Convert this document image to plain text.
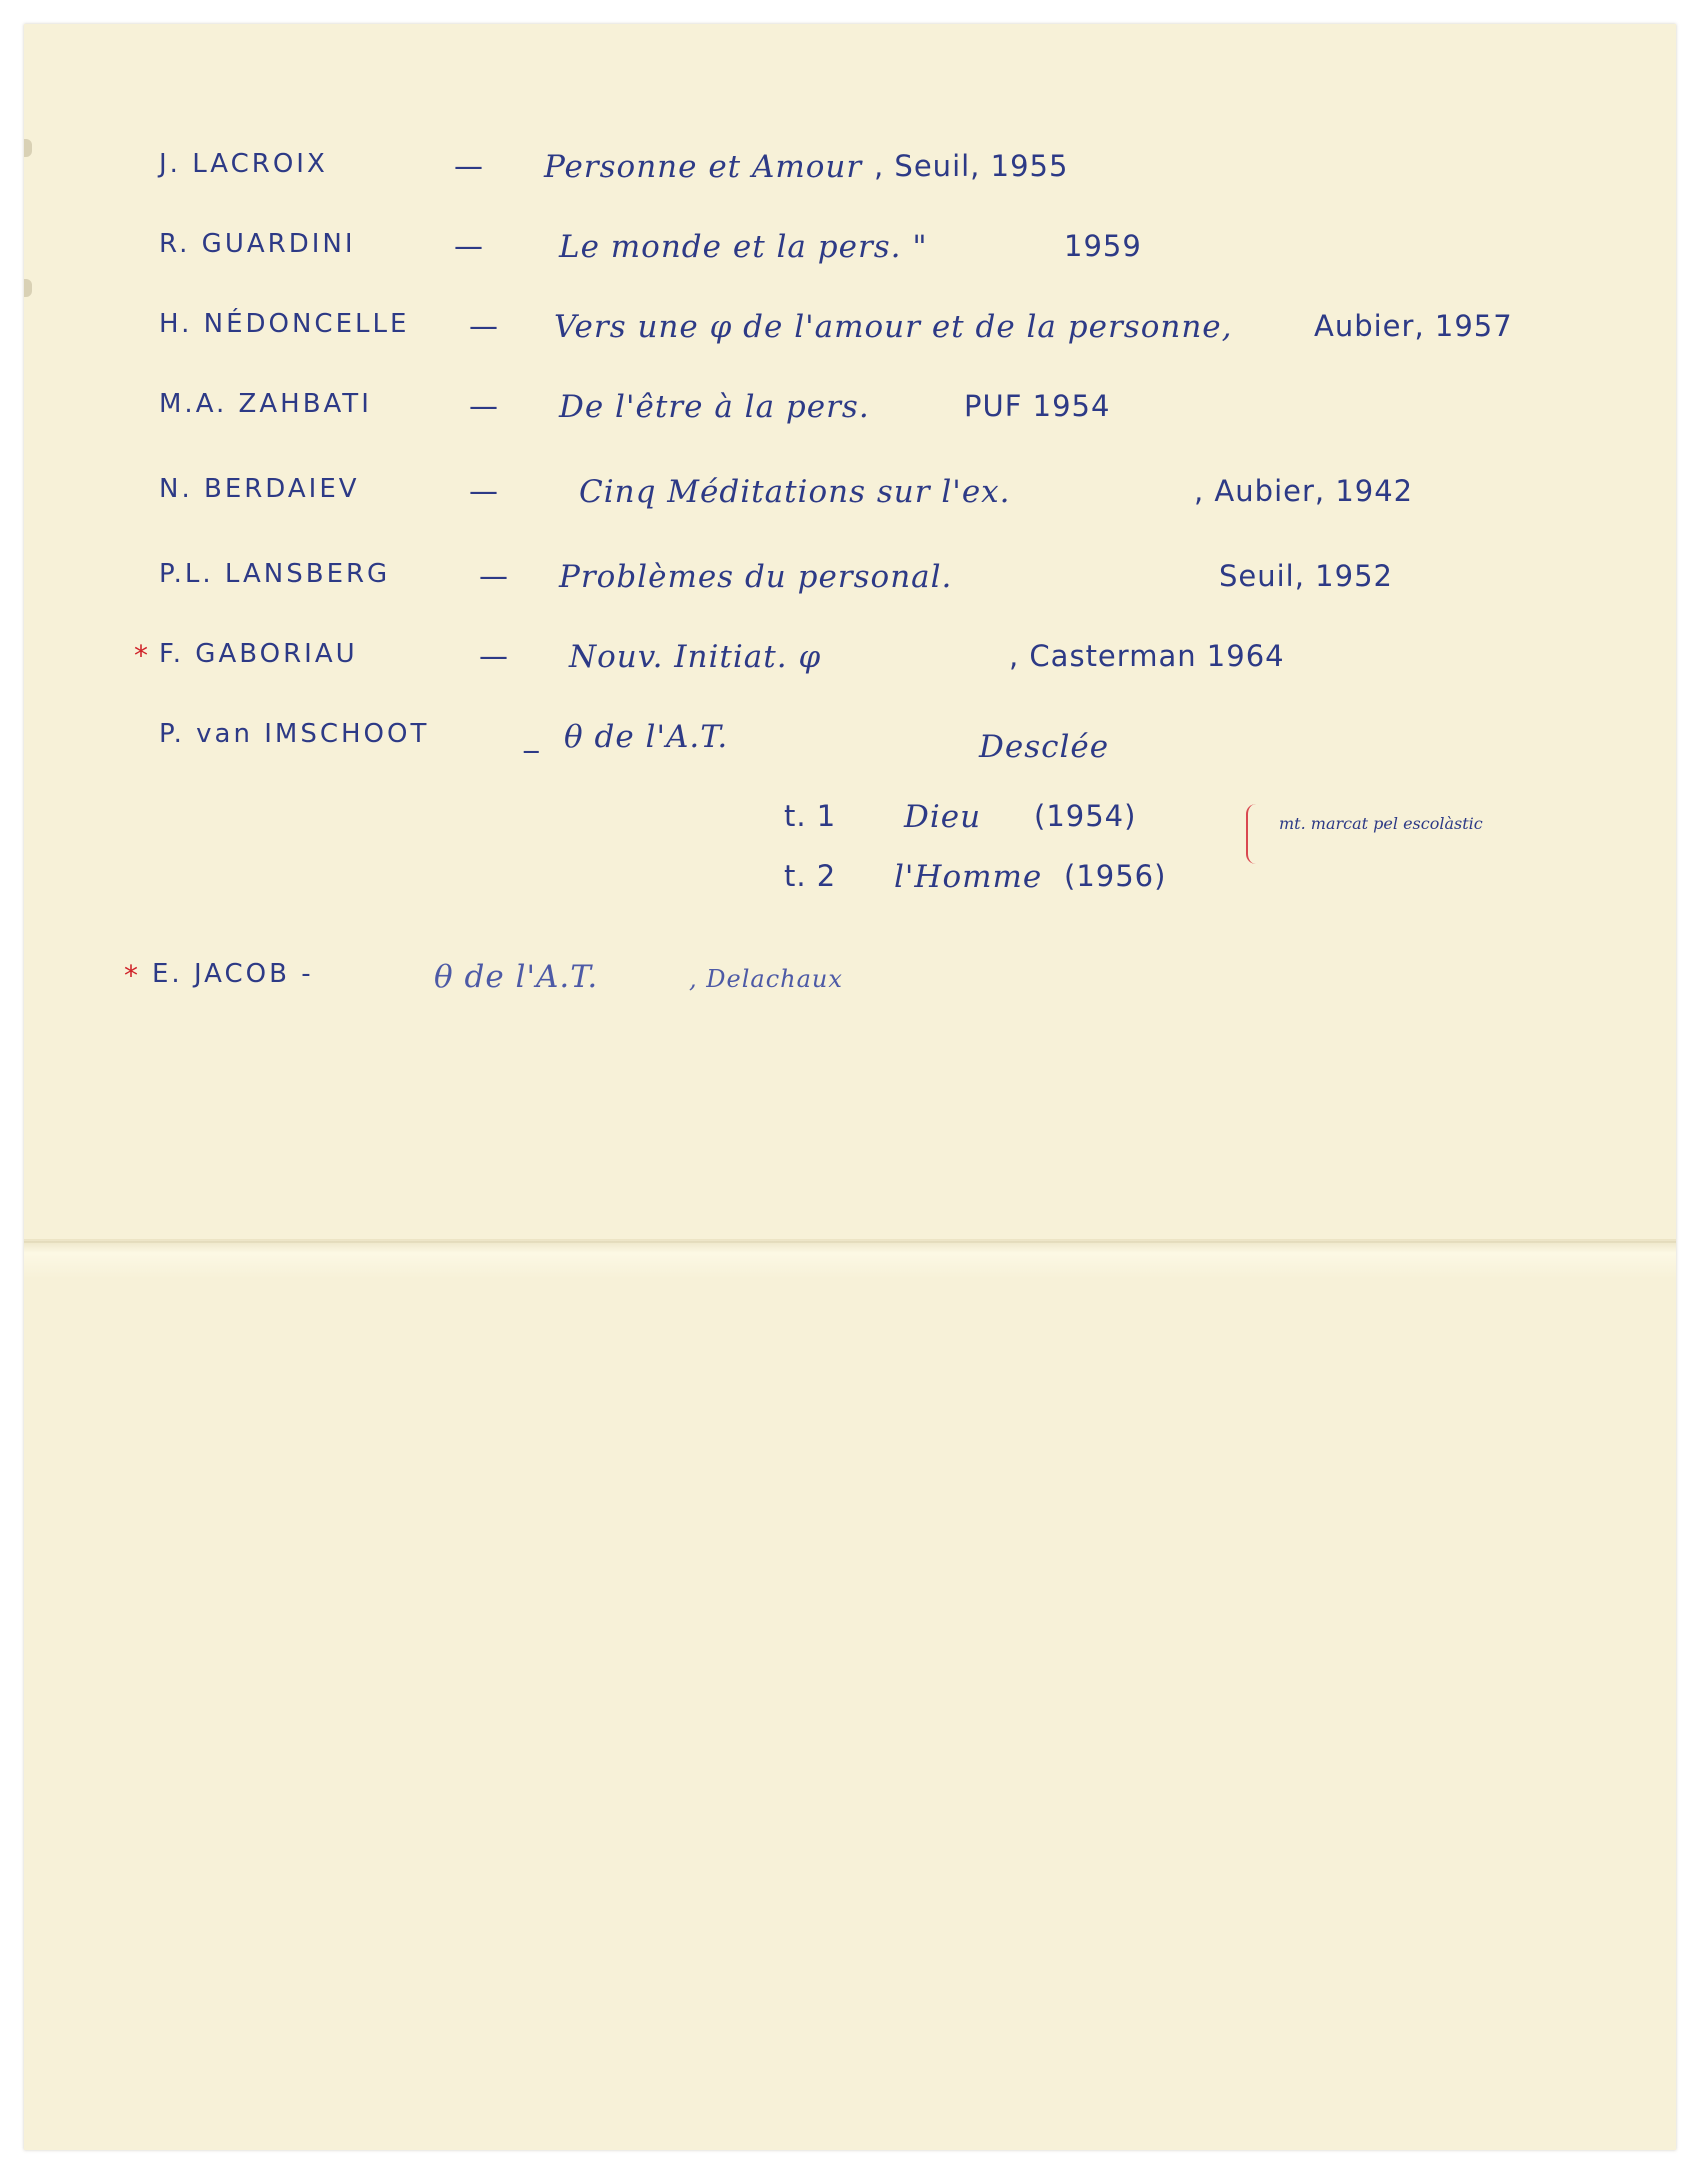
J. LACROIX	— Personne et Amour , Seuil, 1955
R. GUARDINI	— Le monde et la pers. "	1959
H. NÉDONCELLE — Vers une φ de l'amour et de la personne,	Aubier, 1957
M.A. ZAHBATI	— De l'être à la pers.	PUF 1954
N. BERDAIEV	—	Cinq Méditations sur l'ex.	, Aubier, 1942
P.L. LANSBERG	— Problèmes du personal.	Seuil, 1952
* F. GABORIAU	— Nouv. Initiat. φ	, Casterman 1964
P. van IMSCHOOT	_ θ de l'A.T.	Desclée
t. 1 Dieu (1954)
t. 2 l'Homme (1956)
mt. marcat pel escolàstic
* E. JACOB -	θ de l'A.T.	, Delachaux
